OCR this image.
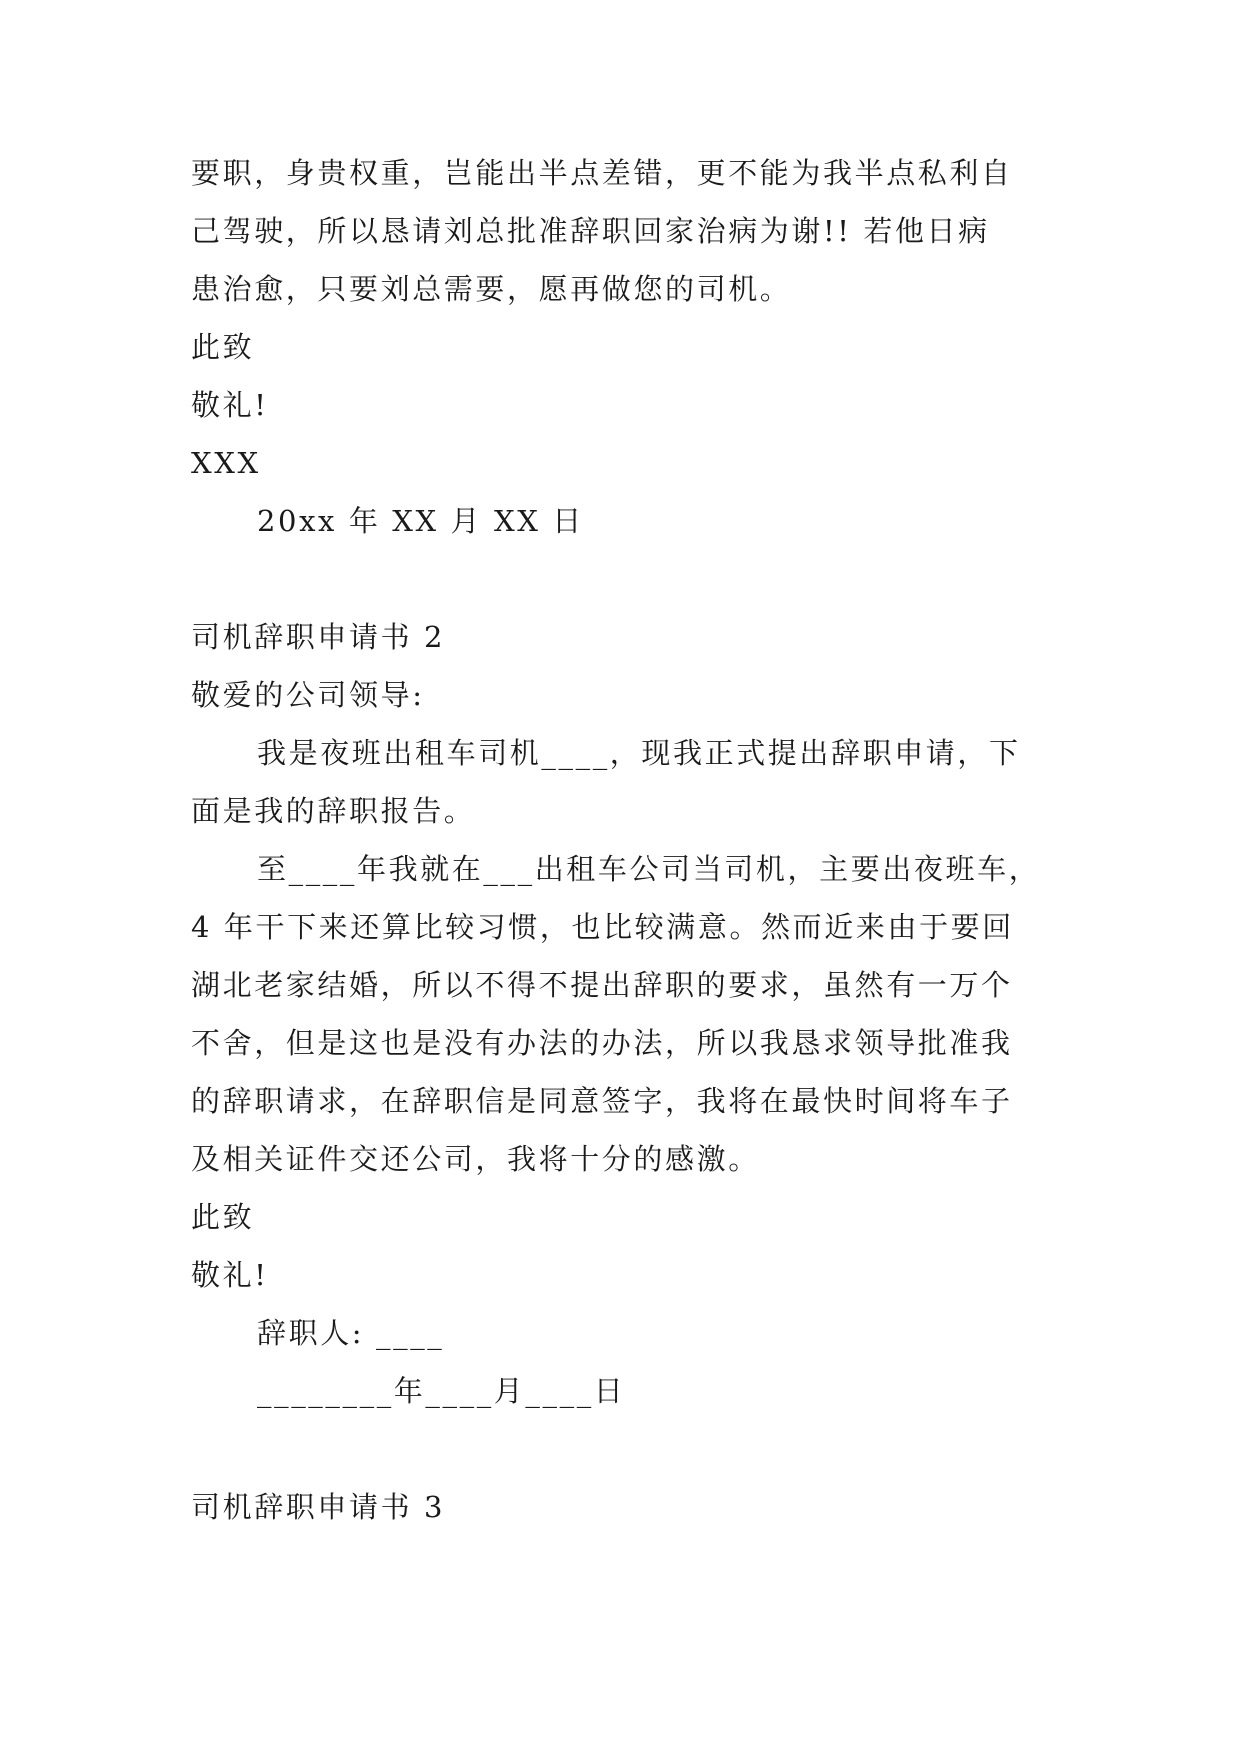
要职，身贵权重，岂能出半点差错，更不能为我半点私利自
己驾驶，所以恳请刘总批准辞职回家治病为谢!! 若他日病
患治愈，只要刘总需要，愿再做您的司机。
此致
敬礼!
XXX
20xx 年 XX 月 XX 日
司机辞职申请书 2
敬爱的公司领导:
我是夜班出租车司机____，现我正式提出辞职申请，下
面是我的辞职报告。
至____年我就在___出租车公司当司机，主要出夜班车，
4 年干下来还算比较习惯，也比较满意。然而近来由于要回
湖北老家结婚，所以不得不提出辞职的要求，虽然有一万个
不舍，但是这也是没有办法的办法，所以我恳求领导批准我
的辞职请求，在辞职信是同意签字，我将在最快时间将车子
及相关证件交还公司，我将十分的感激。
此致
敬礼!
辞职人: ____
________年____月____日
司机辞职申请书 3
